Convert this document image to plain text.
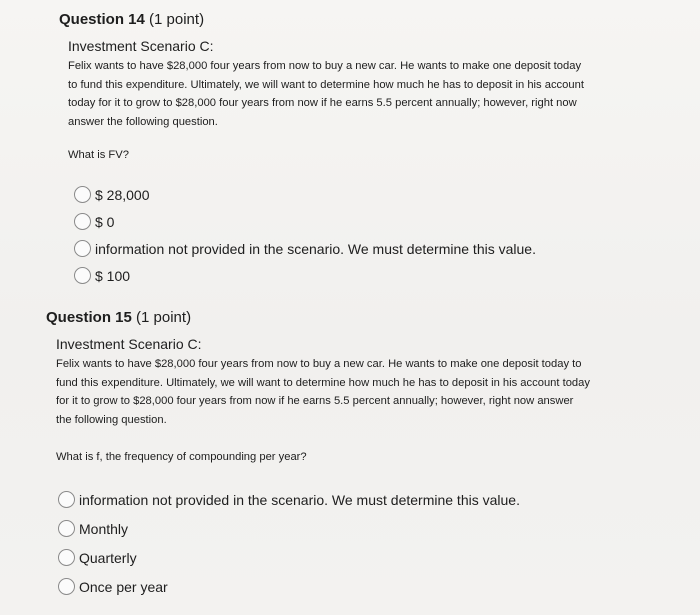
Question 14 (1 point)
Investment Scenario C:
Felix wants to have $28,000 four years from now to buy a new car. He wants to make one deposit today to fund this expenditure. Ultimately, we will want to determine how much he has to deposit in his account today for it to grow to $28,000 four years from now if he earns 5.5 percent annually; however, right now answer the following question.
What is FV?
$ 28,000
$ 0
information not provided in the scenario. We must determine this value.
$ 100
Question 15 (1 point)
Investment Scenario C:
Felix wants to have $28,000 four years from now to buy a new car. He wants to make one deposit today to fund this expenditure. Ultimately, we will want to determine how much he has to deposit in his account today for it to grow to $28,000 four years from now if he earns 5.5 percent annually; however, right now answer the following question.
What is f, the frequency of compounding per year?
information not provided in the scenario. We must determine this value.
Monthly
Quarterly
Once per year
